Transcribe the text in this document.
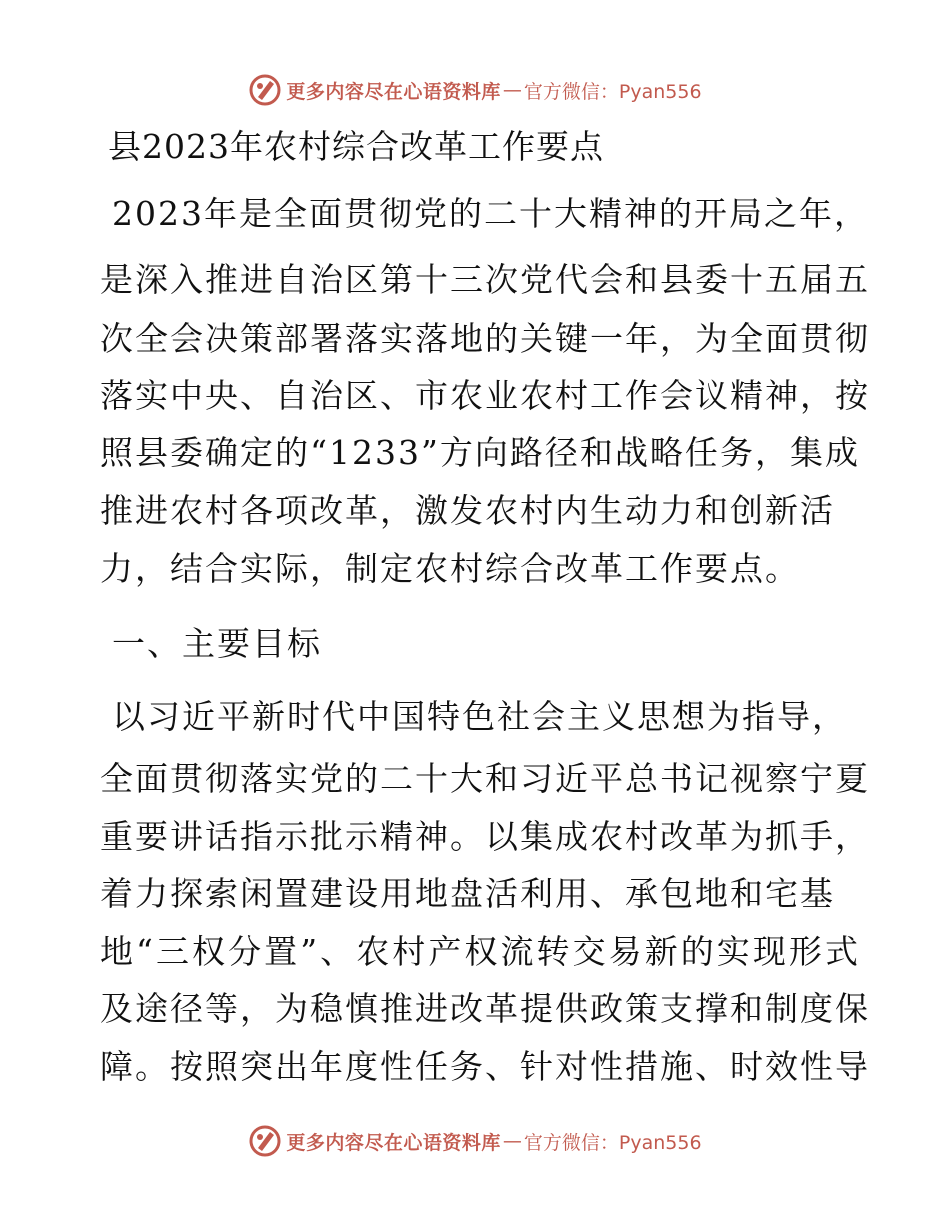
更多内容尽在心语资料库 — 官方微信：Pyan556
县2023年农村综合改革工作要点
2023年是全面贯彻党的二十大精神的开局之年，
是深入推进自治区第十三次党代会和县委十五届五
次全会决策部署落实落地的关键一年，为全面贯彻
落实中央、自治区、市农业农村工作会议精神，按
照县委确定的“1233”方向路径和战略任务，集成
推进农村各项改革，激发农村内生动力和创新活
力，结合实际，制定农村综合改革工作要点。
一、主要目标
以习近平新时代中国特色社会主义思想为指导，
全面贯彻落实党的二十大和习近平总书记视察宁夏
重要讲话指示批示精神。以集成农村改革为抓手，
着力探索闲置建设用地盘活利用、承包地和宅基
地“三权分置”、农村产权流转交易新的实现形式
及途径等，为稳慎推进改革提供政策支撑和制度保
障。按照突出年度性任务、针对性措施、时效性导
更多内容尽在心语资料库 — 官方微信：Pyan556
